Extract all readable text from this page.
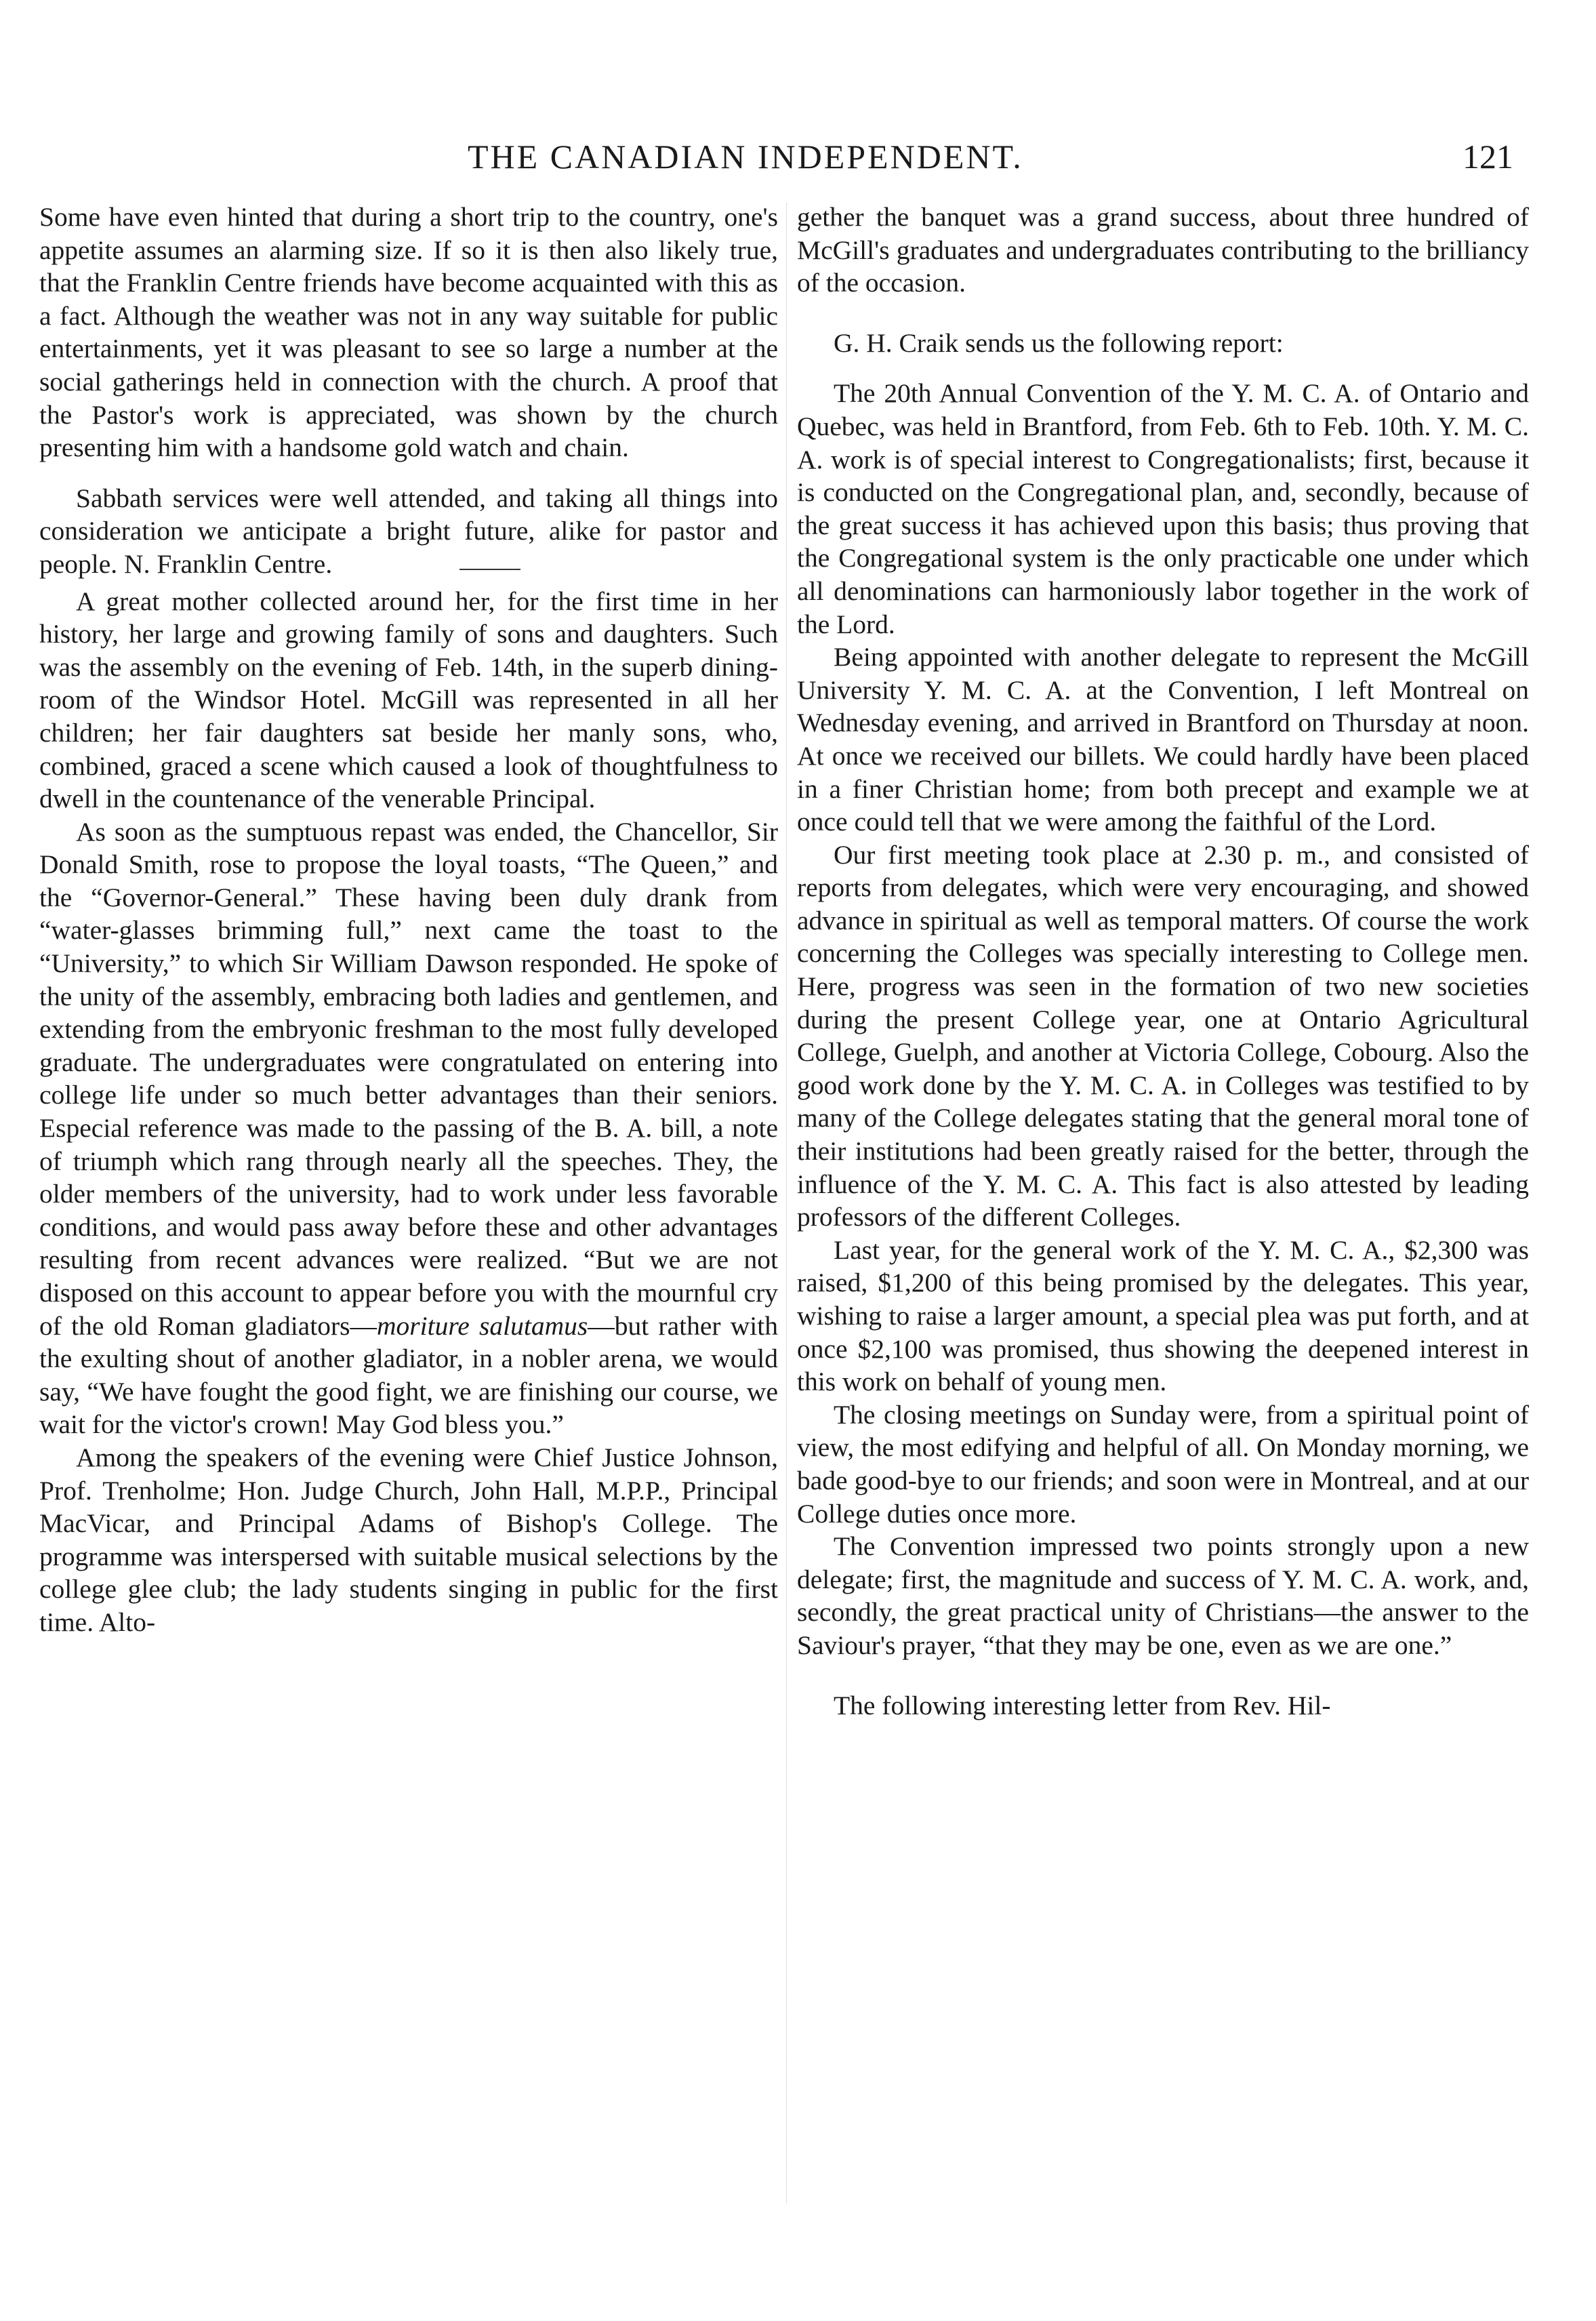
THE CANADIAN INDEPENDENT.	121

Some have even hinted that during a short trip to the country, one's appetite assumes an alarming size. If so it is then also likely true, that the Franklin Centre friends have become acquainted with this as a fact. Although the weather was not in any way suitable for public entertainments, yet it was pleasant to see so large a number at the social gatherings held in connection with the church. A proof that the Pastor's work is appreciated, was shown by the church presenting him with a handsome gold watch and chain.

Sabbath services were well attended, and taking all things into consideration we anticipate a bright future, alike for pastor and people. N. Franklin Centre.

A great mother collected around her, for the first time in her history, her large and growing family of sons and daughters. Such was the assembly on the evening of Feb. 14th, in the superb dining-room of the Windsor Hotel. McGill was represented in all her children; her fair daughters sat beside her manly sons, who, combined, graced a scene which caused a look of thoughtfulness to dwell in the countenance of the venerable Principal.

As soon as the sumptuous repast was ended, the Chancellor, Sir Donald Smith, rose to propose the loyal toasts, “The Queen,” and the “Governor-General.” These having been duly drank from “water-glasses brimming full,” next came the toast to the “University,” to which Sir William Dawson responded. He spoke of the unity of the assembly, embracing both ladies and gentlemen, and extending from the embryonic freshman to the most fully developed graduate. The undergraduates were congratulated on entering into college life under so much better advantages than their seniors. Especial reference was made to the passing of the B. A. bill, a note of triumph which rang through nearly all the speeches. They, the older members of the university, had to work under less favorable conditions, and would pass away before these and other advantages resulting from recent advances were realized. “But we are not disposed on this account to appear before you with the mournful cry of the old Roman gladiators—moriture salutamus—but rather with the exulting shout of another gladiator, in a nobler arena, we would say, “We have fought the good fight, we are finishing our course, we wait for the victor's crown! May God bless you.”

Among the speakers of the evening were Chief Justice Johnson, Prof. Trenholme; Hon. Judge Church, John Hall, M.P.P., Principal MacVicar, and Principal Adams of Bishop's College. The programme was interspersed with suitable musical selections by the college glee club; the lady students singing in public for the first time. Alto-

gether the banquet was a grand success, about three hundred of McGill's graduates and undergraduates contributing to the brilliancy of the occasion.

G. H. Craik sends us the following report:

The 20th Annual Convention of the Y. M. C. A. of Ontario and Quebec, was held in Brantford, from Feb. 6th to Feb. 10th. Y. M. C. A. work is of special interest to Congregationalists; first, because it is conducted on the Congregational plan, and, secondly, because of the great success it has achieved upon this basis; thus proving that the Congregational system is the only practicable one under which all denominations can harmoniously labor together in the work of the Lord.

Being appointed with another delegate to represent the McGill University Y. M. C. A. at the Convention, I left Montreal on Wednesday evening, and arrived in Brantford on Thursday at noon. At once we received our billets. We could hardly have been placed in a finer Christian home; from both precept and example we at once could tell that we were among the faithful of the Lord.

Our first meeting took place at 2.30 p. m., and consisted of reports from delegates, which were very encouraging, and showed advance in spiritual as well as temporal matters. Of course the work concerning the Colleges was specially interesting to College men. Here, progress was seen in the formation of two new societies during the present College year, one at Ontario Agricultural College, Guelph, and another at Victoria College, Cobourg. Also the good work done by the Y. M. C. A. in Colleges was testified to by many of the College delegates stating that the general moral tone of their institutions had been greatly raised for the better, through the influence of the Y. M. C. A. This fact is also attested by leading professors of the different Colleges.

Last year, for the general work of the Y. M. C. A., $2,300 was raised, $1,200 of this being promised by the delegates. This year, wishing to raise a larger amount, a special plea was put forth, and at once $2,100 was promised, thus showing the deepened interest in this work on behalf of young men.

The closing meetings on Sunday were, from a spiritual point of view, the most edifying and helpful of all. On Monday morning, we bade good-bye to our friends; and soon were in Montreal, and at our College duties once more.

The Convention impressed two points strongly upon a new delegate; first, the magnitude and success of Y. M. C. A. work, and, secondly, the great practical unity of Christians—the answer to the Saviour's prayer, “that they may be one, even as we are one.”

The following interesting letter from Rev. Hil-
